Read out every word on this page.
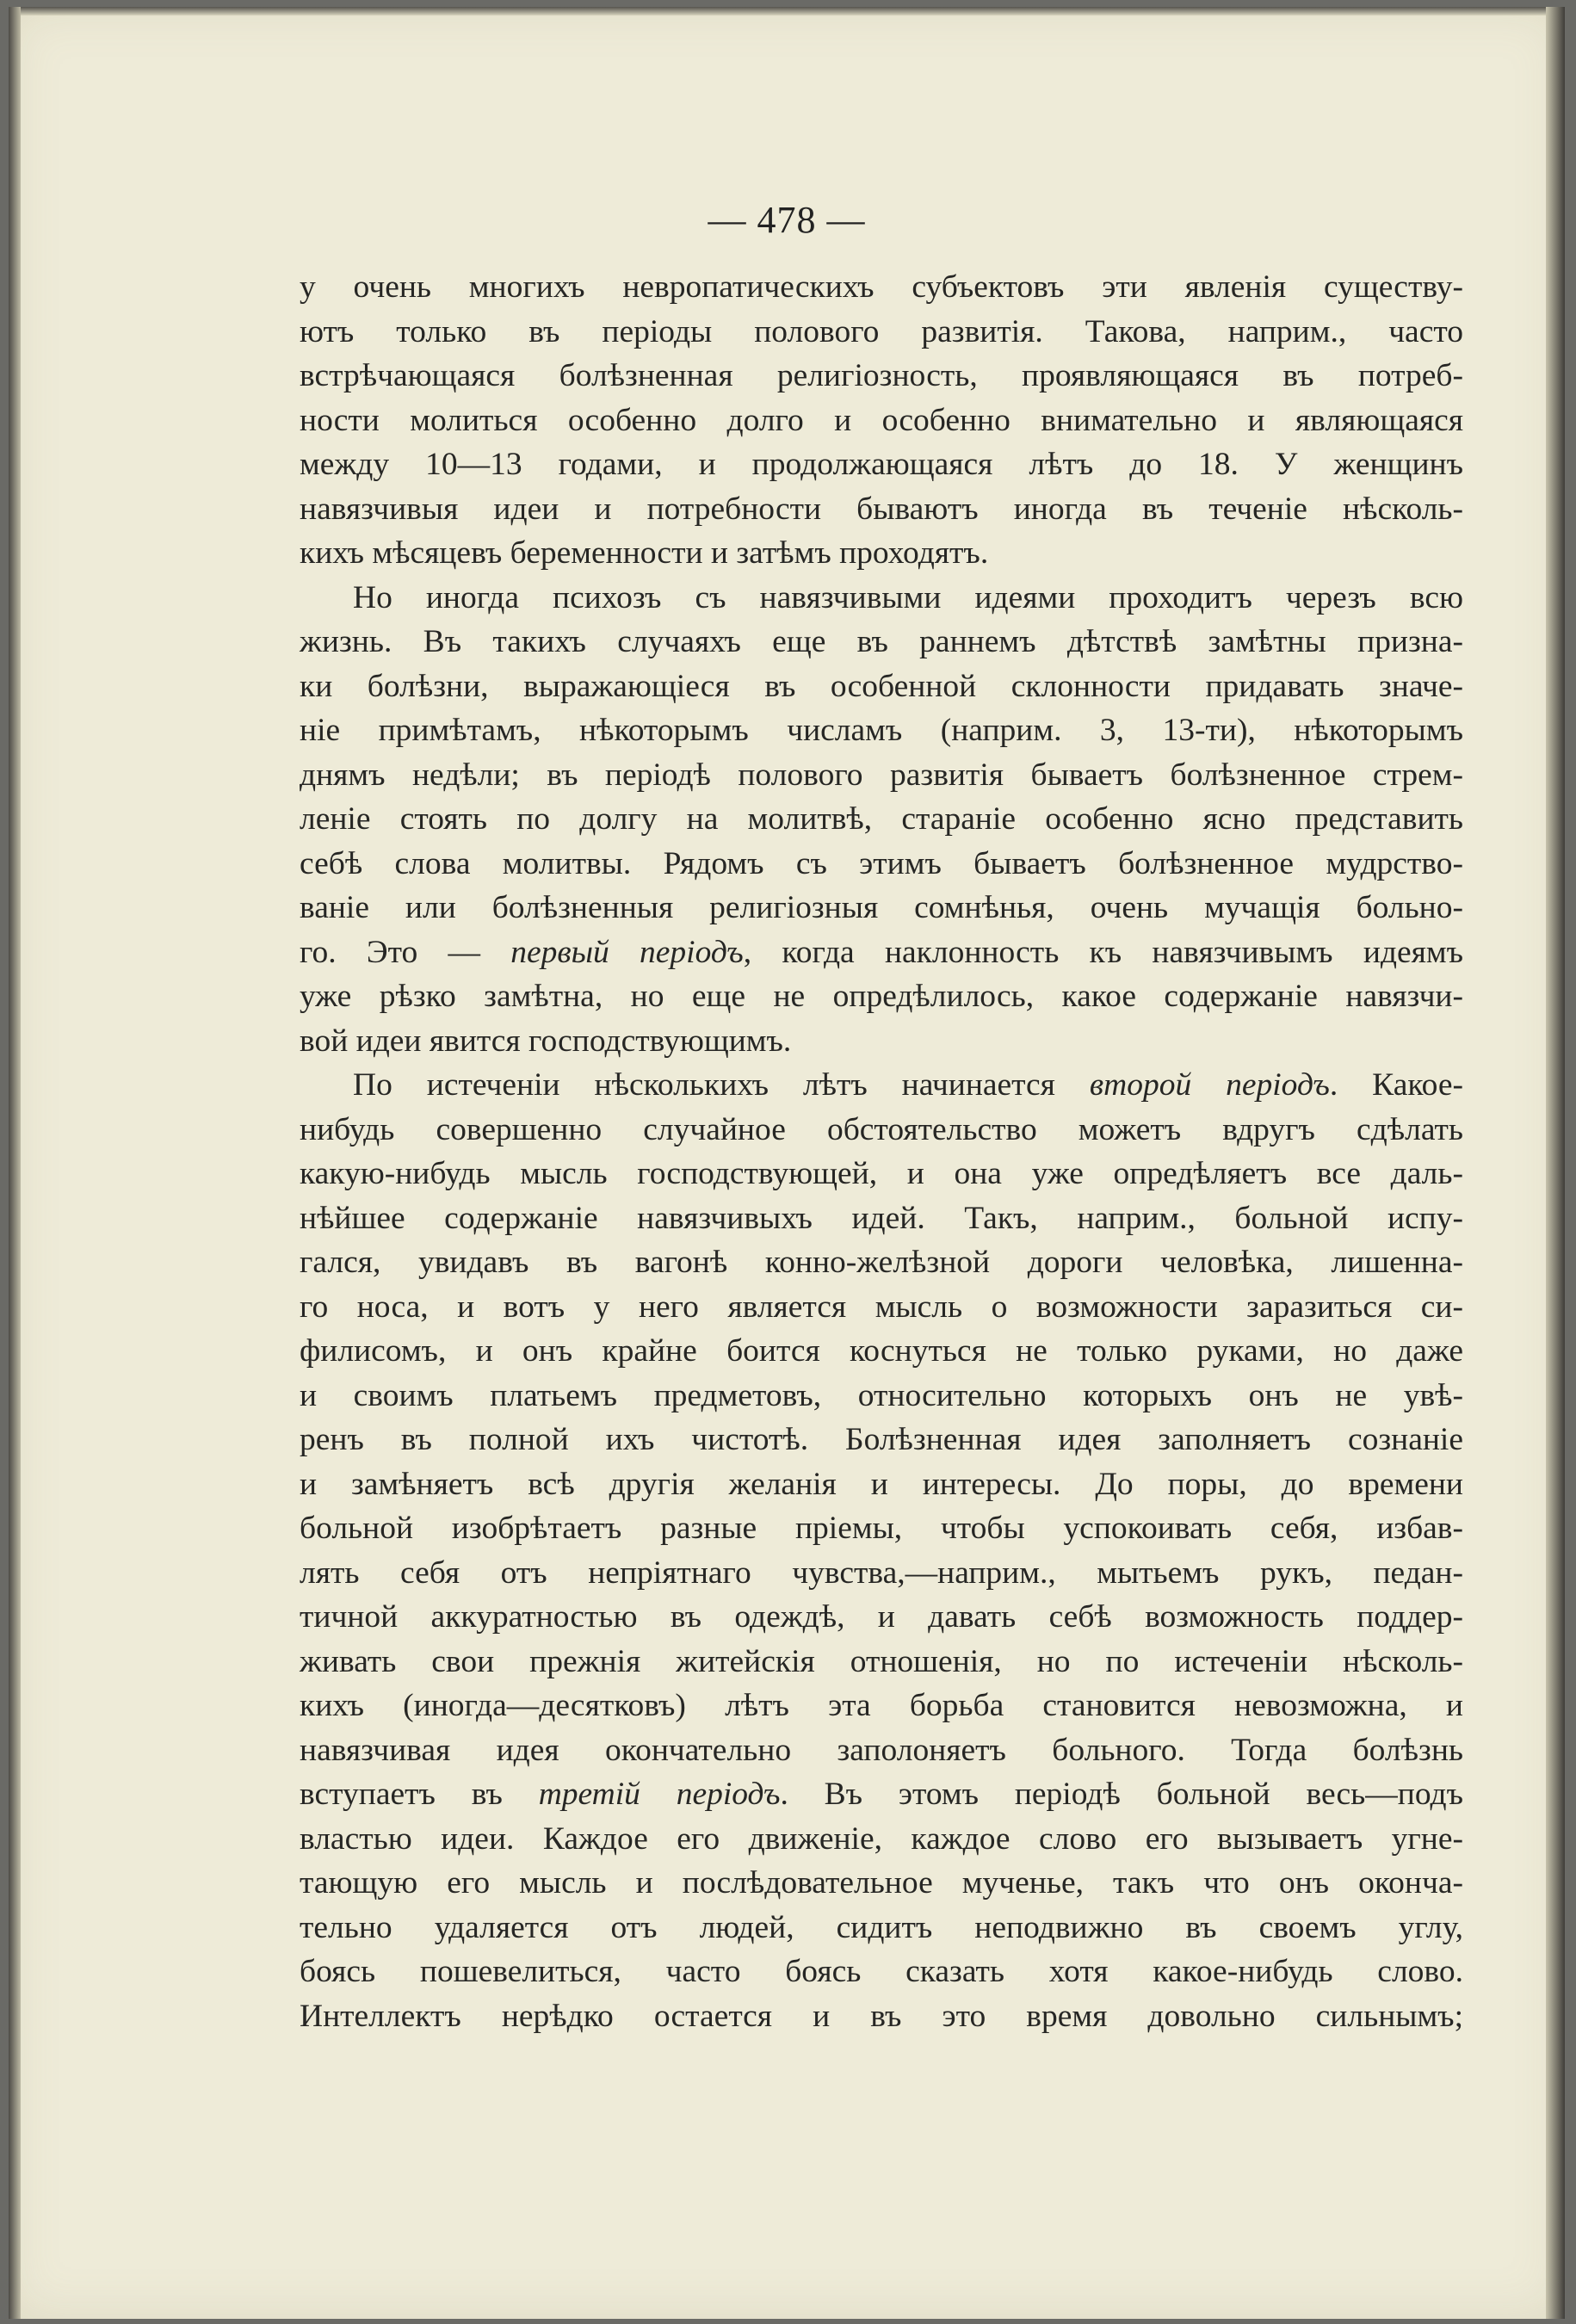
— 478 —
у очень многихъ невропатическихъ субъектовъ эти явленія существу-
ютъ только въ періоды полового развитія. Такова, наприм., часто
встрѣчающаяся болѣзненная религіозность, проявляющаяся въ потреб-
ности молиться особенно долго и особенно внимательно и являющаяся
между 10—13 годами, и продолжающаяся лѣтъ до 18. У женщинъ
навязчивыя идеи и потребности бываютъ иногда въ теченіе нѣсколь-
кихъ мѣсяцевъ беременности и затѣмъ проходятъ.
Но иногда психозъ съ навязчивыми идеями проходитъ черезъ всю
жизнь. Въ такихъ случаяхъ еще въ раннемъ дѣтствѣ замѣтны призна-
ки болѣзни, выражающіеся въ особенной склонности придавать значе-
ніе примѣтамъ, нѣкоторымъ числамъ (наприм. 3, 13-ти), нѣкоторымъ
днямъ недѣли; въ періодѣ полового развитія бываетъ болѣзненное стрем-
леніе стоять по долгу на молитвѣ, стараніе особенно ясно представить
себѣ слова молитвы. Рядомъ съ этимъ бываетъ болѣзненное мудрство-
ваніе или болѣзненныя религіозныя сомнѣнья, очень мучащія больно-
го. Это — первый періодъ, когда наклонность къ навязчивымъ идеямъ
уже рѣзко замѣтна, но еще не опредѣлилось, какое содержаніе навязчи-
вой идеи явится господствующимъ.
По истеченіи нѣсколькихъ лѣтъ начинается второй періодъ. Какое-
нибудь совершенно случайное обстоятельство можетъ вдругъ сдѣлать
какую-нибудь мысль господствующей, и она уже опредѣляетъ все даль-
нѣйшее содержаніе навязчивыхъ идей. Такъ, наприм., больной испу-
гался, увидавъ въ вагонѣ конно-желѣзной дороги человѣка, лишенна-
го носа, и вотъ у него является мысль о возможности заразиться си-
филисомъ, и онъ крайне боится коснуться не только руками, но даже
и своимъ платьемъ предметовъ, относительно которыхъ онъ не увѣ-
ренъ въ полной ихъ чистотѣ. Болѣзненная идея заполняетъ сознаніе
и замѣняетъ всѣ другія желанія и интересы. До поры, до времени
больной изобрѣтаетъ разные пріемы, чтобы успокоивать себя, избав-
лять себя отъ непріятнаго чувства,—наприм., мытьемъ рукъ, педан-
тичной аккуратностью въ одеждѣ, и давать себѣ возможность поддер-
живать свои прежнія житейскія отношенія, но по истеченіи нѣсколь-
кихъ (иногда—десятковъ) лѣтъ эта борьба становится невозможна, и
навязчивая идея окончательно заполоняетъ больного. Тогда болѣзнь
вступаетъ въ третій періодъ. Въ этомъ періодѣ больной весь—подъ
властью идеи. Каждое его движеніе, каждое слово его вызываетъ угне-
тающую его мысль и послѣдовательное мученье, такъ что онъ оконча-
тельно удаляется отъ людей, сидитъ неподвижно въ своемъ углу,
боясь пошевелиться, часто боясь сказать хотя какое-нибудь слово.
Интеллектъ нерѣдко остается и въ это время довольно сильнымъ;
